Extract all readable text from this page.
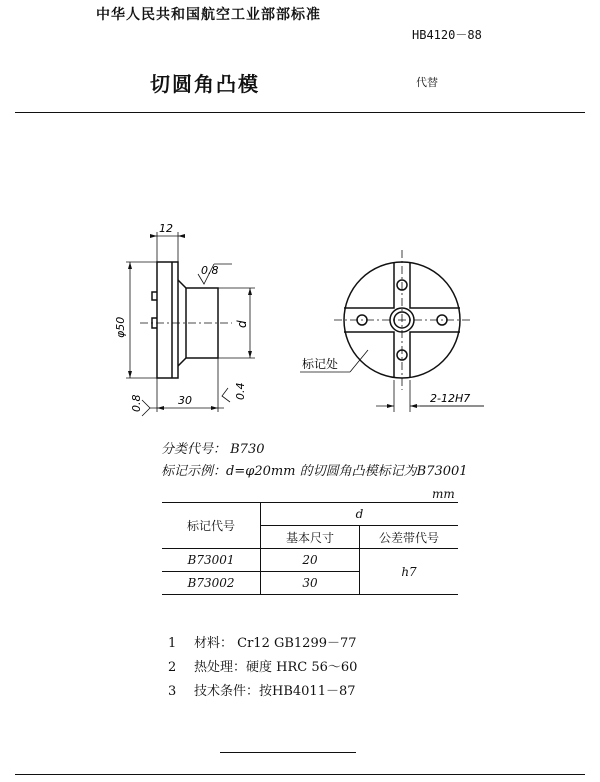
中华人民共和国航空工业部部标准
HB4120－88
切圆角凸模	代替
12
φ50	d
0.8
0.8
0.4
30
标记处
2-12H7
分类代号： B730
标记示例：d=φ20mm 的切圆角凸模标记为B73001
mm
标记代号	d	
	基本尺寸	公差带代号
B73001	20	h7
B73002	30	
1 材料： Cr12 GB1299－77
2 热处理：硬度 HRC 56～60
3 技术条件：按HB4011－87
